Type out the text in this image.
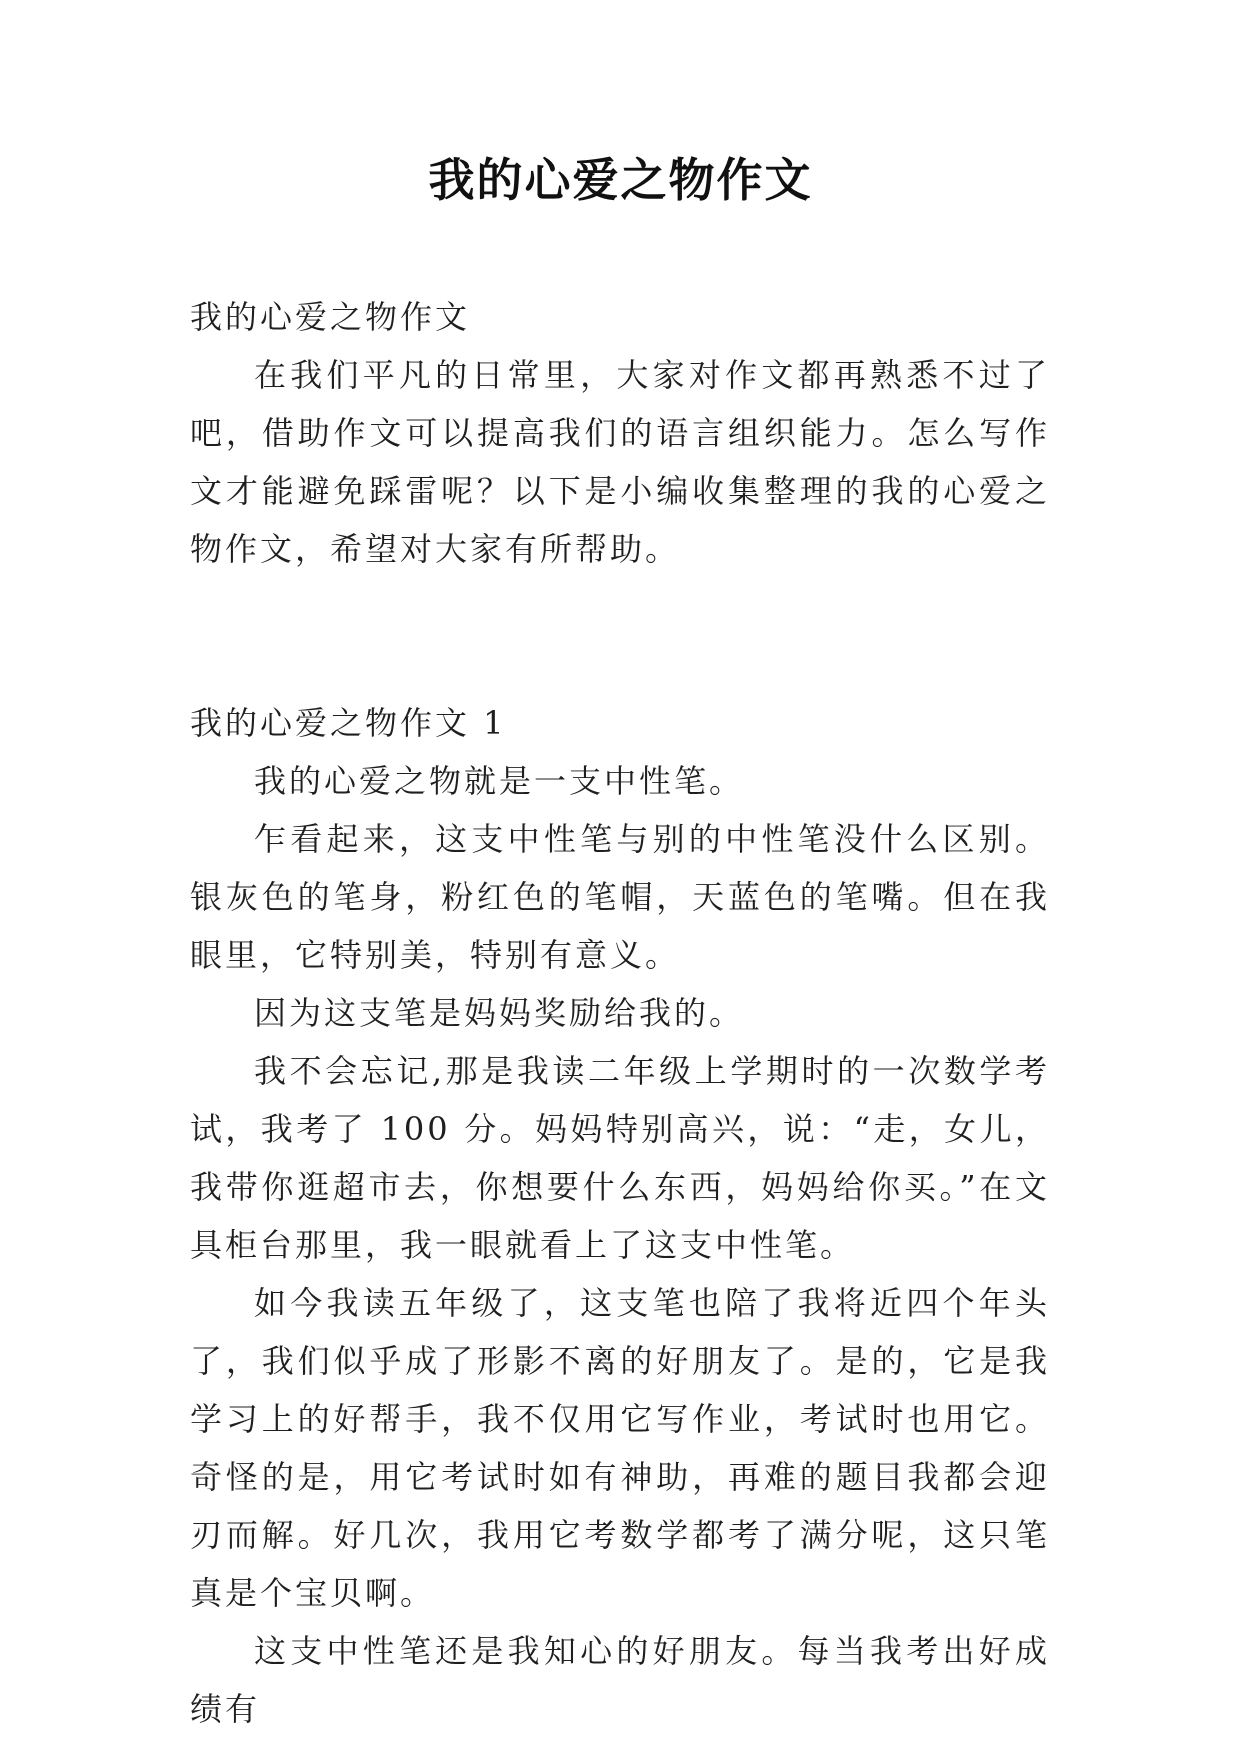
我的心爱之物作文

我的心爱之物作文

在我们平凡的日常里，大家对作文都再熟悉不过了吧，借助作文可以提高我们的语言组织能力。怎么写作文才能避免踩雷呢？以下是小编收集整理的我的心爱之物作文，希望对大家有所帮助。

我的心爱之物作文 1

我的心爱之物就是一支中性笔。

乍看起来，这支中性笔与别的中性笔没什么区别。银灰色的笔身，粉红色的笔帽，天蓝色的笔嘴。但在我眼里，它特别美，特别有意义。

因为这支笔是妈妈奖励给我的。

我不会忘记,那是我读二年级上学期时的一次数学考试，我考了 100 分。妈妈特别高兴，说：“走，女儿，我带你逛超市去，你想要什么东西，妈妈给你买。”在文具柜台那里，我一眼就看上了这支中性笔。

如今我读五年级了，这支笔也陪了我将近四个年头了，我们似乎成了形影不离的好朋友了。是的，它是我学习上的好帮手，我不仅用它写作业，考试时也用它。奇怪的是，用它考试时如有神助，再难的题目我都会迎刃而解。好几次，我用它考数学都考了满分呢，这只笔真是个宝贝啊。

这支中性笔还是我知心的好朋友。每当我考出好成绩有
